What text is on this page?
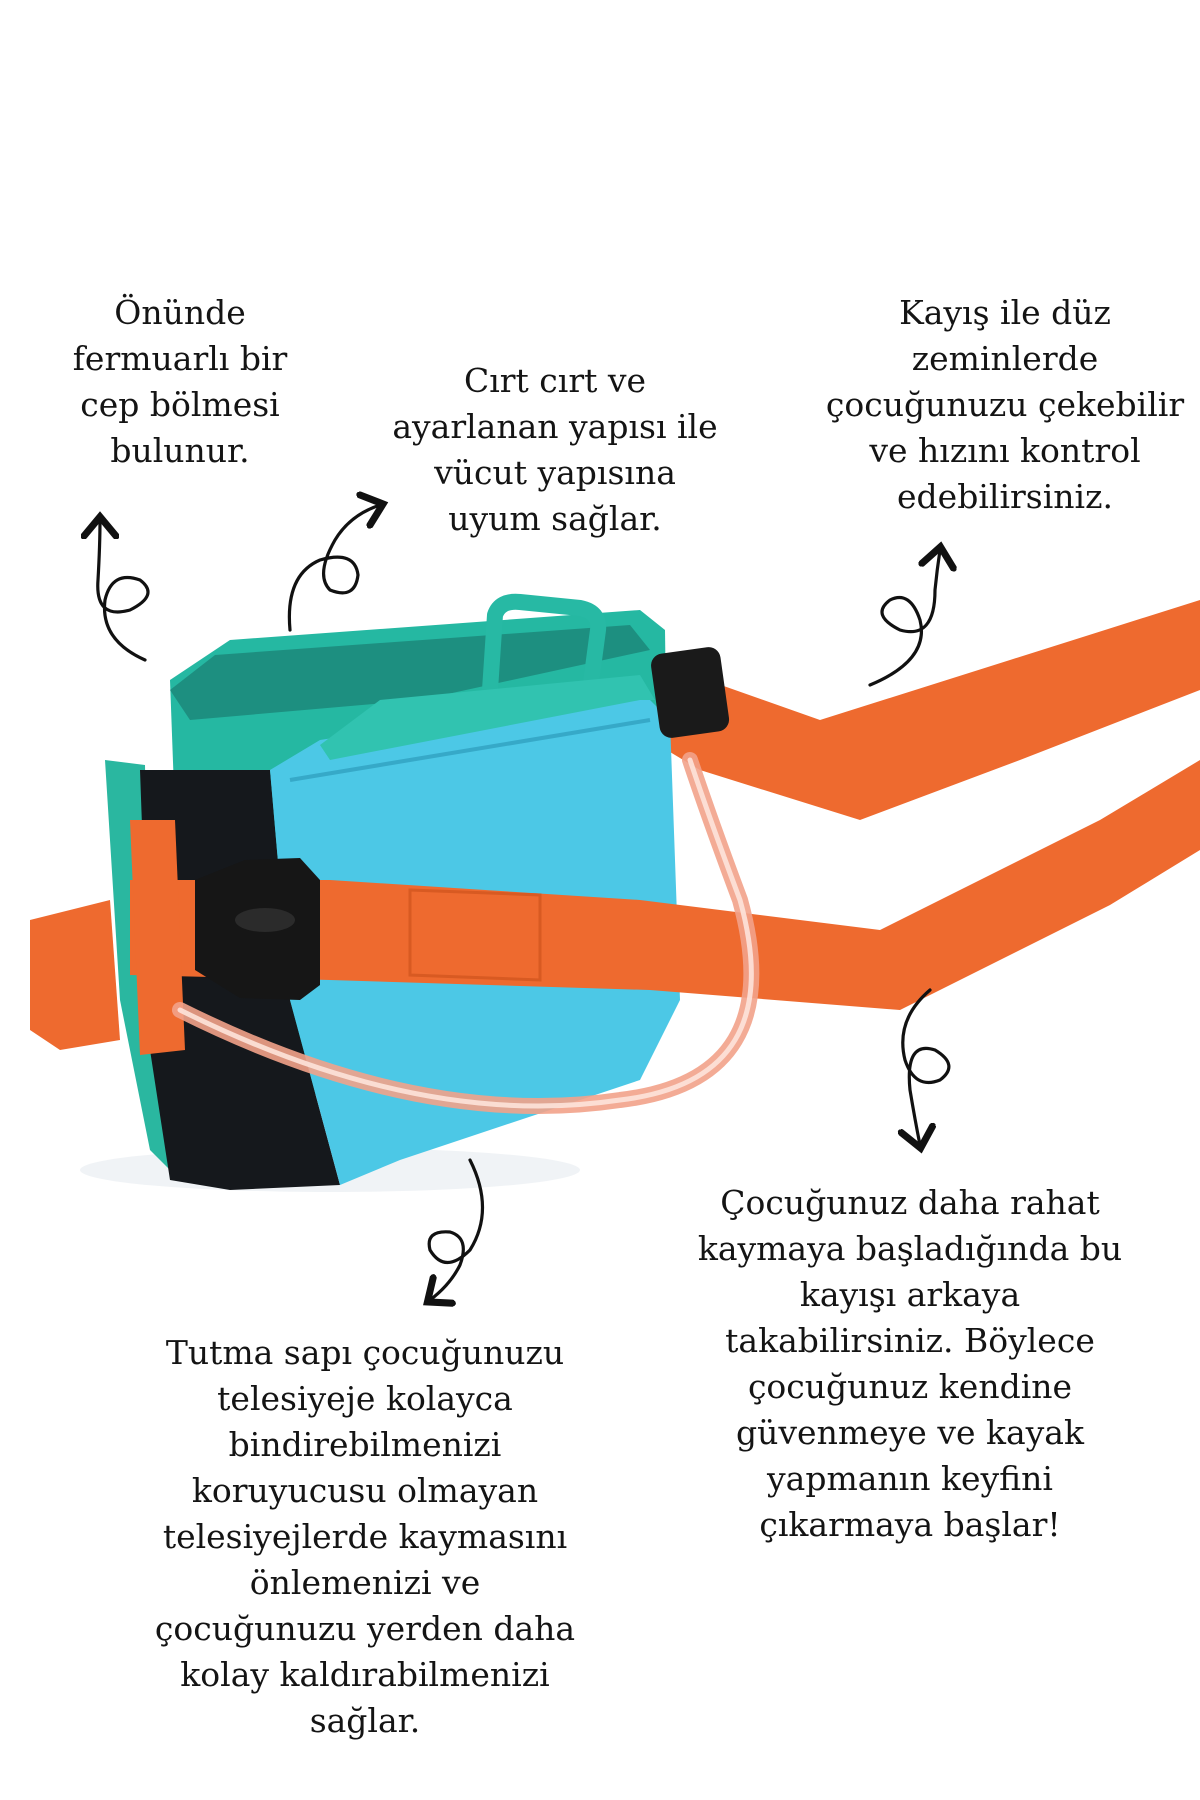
Önünde
fermuarlı bir
cep bölmesi
bulunur.
Cırt cırt ve
ayarlanan yapısı ile
vücut yapısına
uyum sağlar.
Kayış ile düz
zeminlerde
çocuğunuzu çekebilir
ve hızını kontrol
edebilirsiniz.
Çocuğunuz daha rahat
kaymaya başladığında bu
kayışı arkaya
takabilirsiniz. Böylece
çocuğunuz kendine
güvenmeye ve kayak
yapmanın keyfini
çıkarmaya başlar!
Tutma sapı çocuğunuzu
telesiyeje kolayca
bindirebilmenizi
koruyucusu olmayan
telesiyejlerde kaymasını
önlemenizi ve
çocuğunuzu yerden daha
kolay kaldırabilmenizi
sağlar.
